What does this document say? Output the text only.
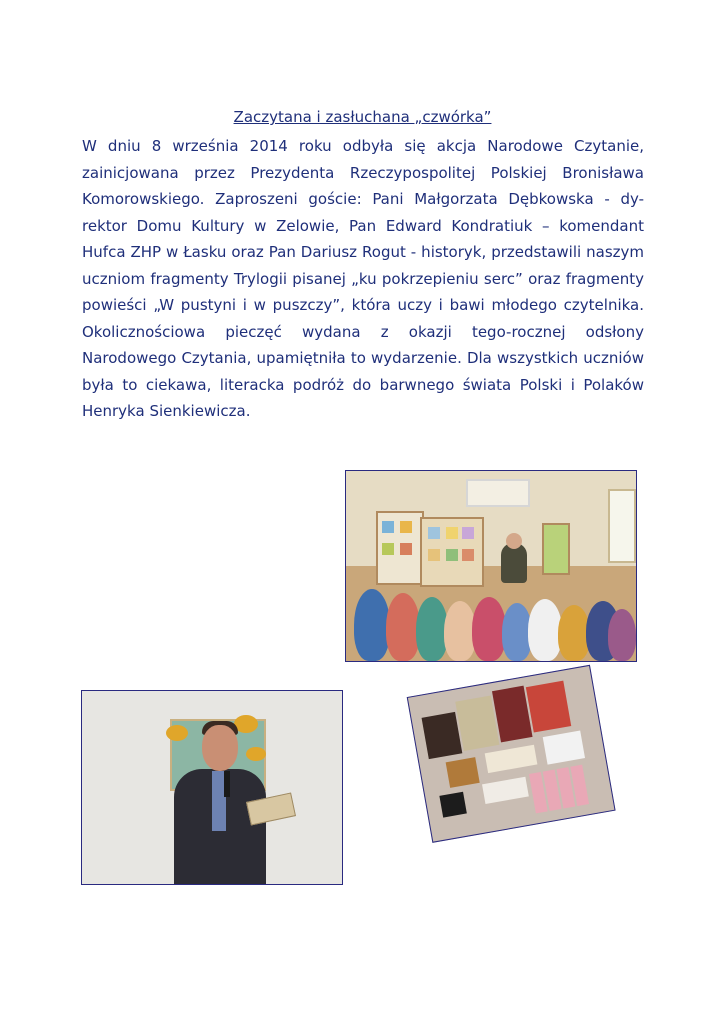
Zaczytana i zasłuchana „czwórka”
W dniu 8 września 2014 roku odbyła się akcja Narodowe Czytanie, zainicjowana przez Prezydenta Rzeczypospolitej Polskiej Bronisława Komorowskiego. Zaproszeni goście: Pani Małgorzata Dębkowska - dy-rektor Domu Kultury w Zelowie, Pan Edward Kondratiuk – komendant Hufca ZHP w Łasku oraz Pan Dariusz Rogut - historyk, przedstawili naszym uczniom fragmenty Trylogii pisanej „ku pokrzepieniu serc” oraz fragmenty powieści „W pustyni i w puszczy”, która uczy i bawi młodego czytelnika. Okolicznościowa pieczęć wydana z okazji tego-rocznej odsłony Narodowego Czytania, upamiętniła to wydarzenie. Dla wszystkich uczniów była to ciekawa, literacka podróż do barwnego świata Polski i Polaków Henryka Sienkiewicza.
